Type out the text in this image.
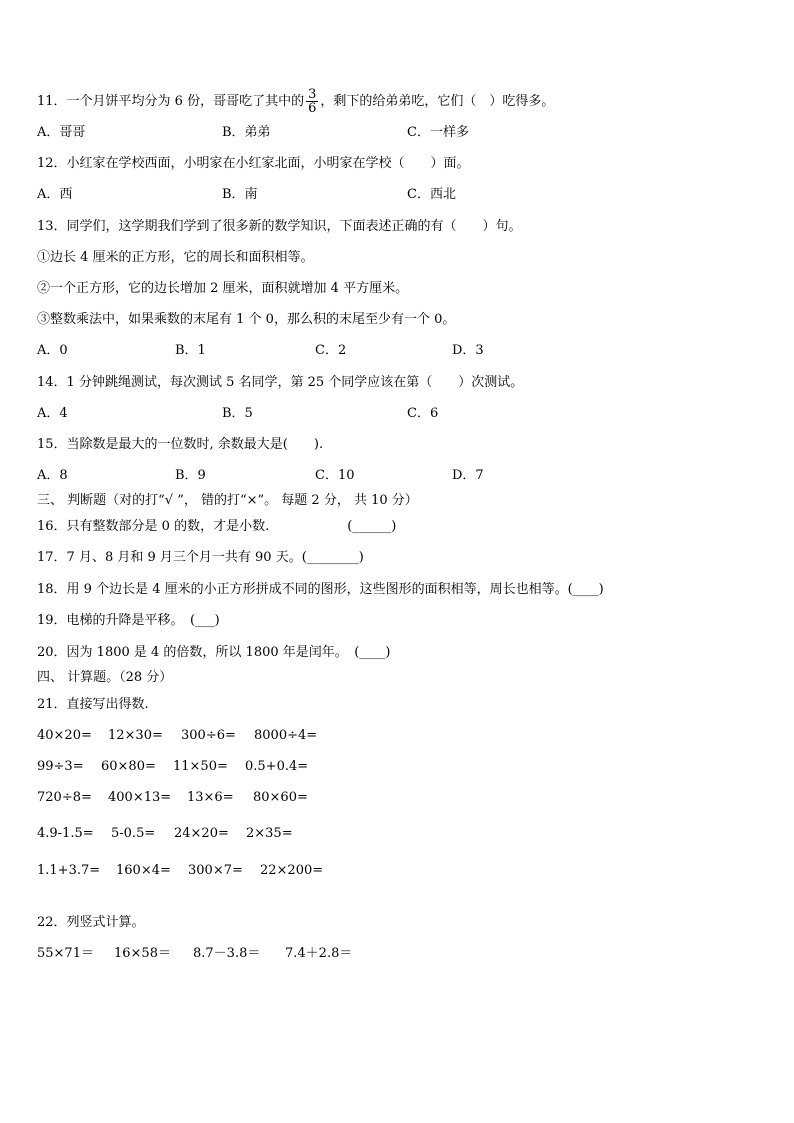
11．一个月饼平均分为 6 份，哥哥吃了其中的 $\frac{3}{6}$ ，剩下的给弟弟吃，它们（　）吃得多。
A．哥哥	B．弟弟	C．一样多
12．小红家在学校西面，小明家在小红家北面，小明家在学校（　　）面。
A．西	B．南	C．西北
13．同学们，这学期我们学到了很多新的数学知识，下面表述正确的有（　　）句。
①边长 4 厘米的正方形，它的周长和面积相等。
②一个正方形，它的边长增加 2 厘米，面积就增加 4 平方厘米。
③整数乘法中，如果乘数的末尾有 1 个 0，那么积的末尾至少有一个 0。
A．0	B．1	C．2	D．3
14．1 分钟跳绳测试，每次测试 5 名同学，第 25 个同学应该在第（　　）次测试。
A．4	B．5	C．6
15．当除数是最大的一位数时, 余数最大是(　　).
A．8	B．9	C．10	D．7
三、 判断题（对的打“√ ”， 错的打“×”。 每题 2 分， 共 10 分）
16．只有整数部分是 0 的数，才是小数.　　　　　　(______)
17．7 月、8 月和 9 月三个月一共有 90 天。(________)
18．用 9 个边长是 4 厘米的小正方形拼成不同的图形，这些图形的面积相等，周长也相等。(____)
19．电梯的升降是平移。　(___)
20．因为 1800 是 4 的倍数，所以 1800 年是闰年。　(____)
四、 计算题。（28 分）
21．直接写出得数.
40×20= 12×30= 300÷6= 8000÷4=
99÷3= 60×80= 11×50= 0.5+0.4=
720÷8= 400×13= 13×6= 80×60=
4.9-1.5= 5-0.5= 24×20= 2×35=
1.1+3.7= 160×4= 300×7= 22×200=
22．列竖式计算。
55×71＝ 16×58＝ 8.7－3.8＝ 7.4＋2.8＝
